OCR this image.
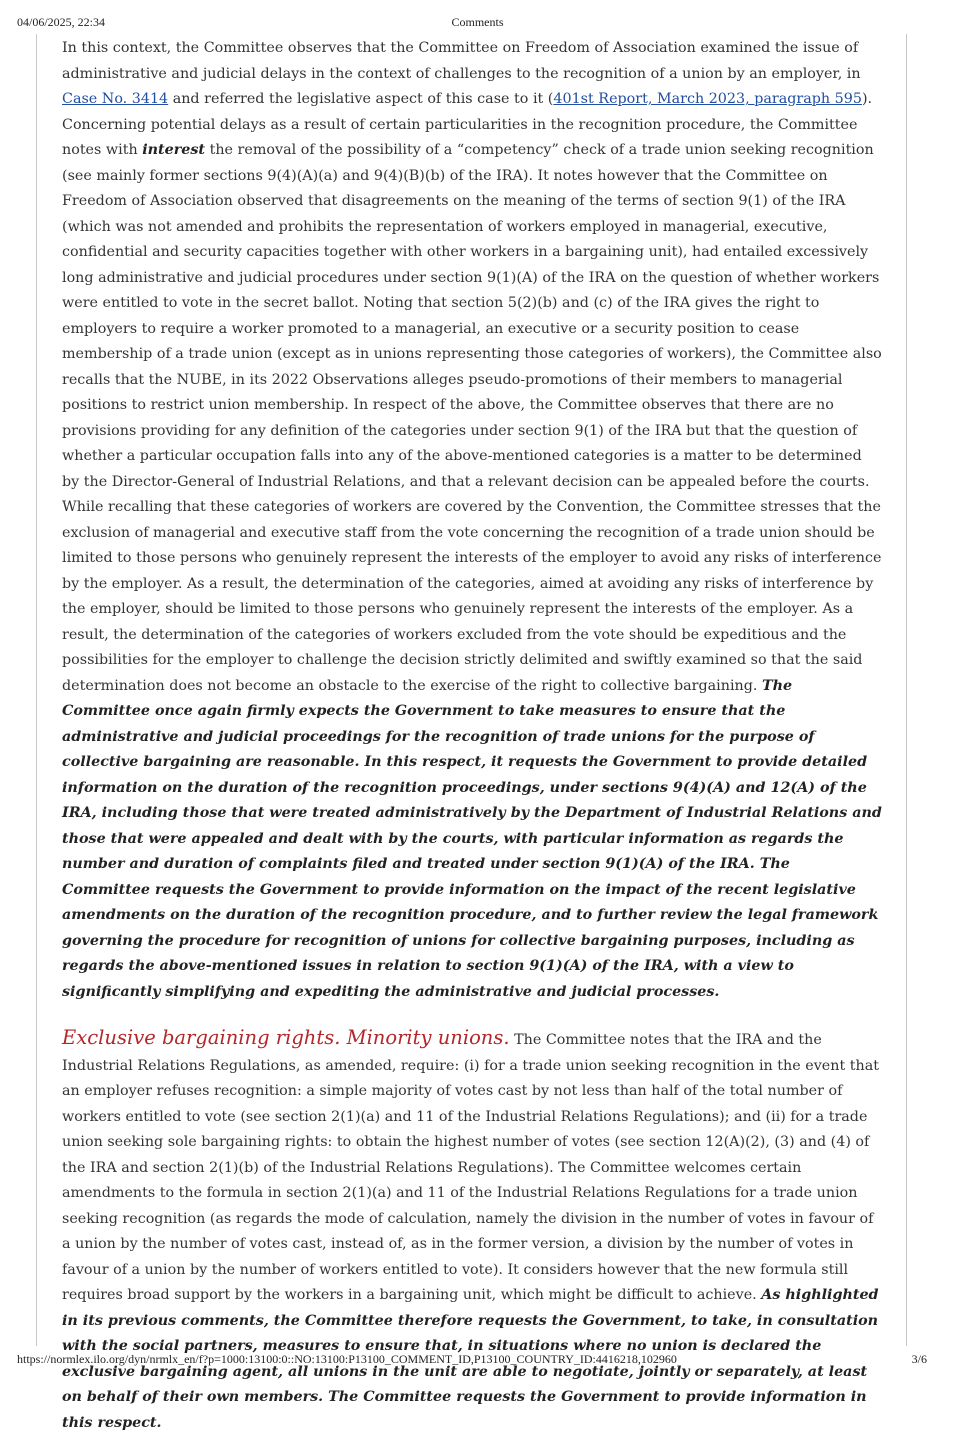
04/06/2025, 22:34	Comments

In this context, the Committee observes that the Committee on Freedom of Association examined the issue of administrative and judicial delays in the context of challenges to the recognition of a union by an employer, in Case No. 3414 and referred the legislative aspect of this case to it (401st Report, March 2023, paragraph 595). Concerning potential delays as a result of certain particularities in the recognition procedure, the Committee notes with interest the removal of the possibility of a “competency” check of a trade union seeking recognition (see mainly former sections 9(4)(A)(a) and 9(4)(B)(b) of the IRA). It notes however that the Committee on Freedom of Association observed that disagreements on the meaning of the terms of section 9(1) of the IRA (which was not amended and prohibits the representation of workers employed in managerial, executive, confidential and security capacities together with other workers in a bargaining unit), had entailed excessively long administrative and judicial procedures under section 9(1)(A) of the IRA on the question of whether workers were entitled to vote in the secret ballot. Noting that section 5(2)(b) and (c) of the IRA gives the right to employers to require a worker promoted to a managerial, an executive or a security position to cease membership of a trade union (except as in unions representing those categories of workers), the Committee also recalls that the NUBE, in its 2022 Observations alleges pseudo-promotions of their members to managerial positions to restrict union membership. In respect of the above, the Committee observes that there are no provisions providing for any definition of the categories under section 9(1) of the IRA but that the question of whether a particular occupation falls into any of the above-mentioned categories is a matter to be determined by the Director-General of Industrial Relations, and that a relevant decision can be appealed before the courts. While recalling that these categories of workers are covered by the Convention, the Committee stresses that the exclusion of managerial and executive staff from the vote concerning the recognition of a trade union should be limited to those persons who genuinely represent the interests of the employer to avoid any risks of interference by the employer. As a result, the determination of the categories, aimed at avoiding any risks of interference by the employer, should be limited to those persons who genuinely represent the interests of the employer. As a result, the determination of the categories of workers excluded from the vote should be expeditious and the possibilities for the employer to challenge the decision strictly delimited and swiftly examined so that the said determination does not become an obstacle to the exercise of the right to collective bargaining. The Committee once again firmly expects the Government to take measures to ensure that the administrative and judicial proceedings for the recognition of trade unions for the purpose of collective bargaining are reasonable. In this respect, it requests the Government to provide detailed information on the duration of the recognition proceedings, under sections 9(4)(A) and 12(A) of the IRA, including those that were treated administratively by the Department of Industrial Relations and those that were appealed and dealt with by the courts, with particular information as regards the number and duration of complaints filed and treated under section 9(1)(A) of the IRA. The Committee requests the Government to provide information on the impact of the recent legislative amendments on the duration of the recognition procedure, and to further review the legal framework governing the procedure for recognition of unions for collective bargaining purposes, including as regards the above-mentioned issues in relation to section 9(1)(A) of the IRA, with a view to significantly simplifying and expediting the administrative and judicial processes.

Exclusive bargaining rights. Minority unions. The Committee notes that the IRA and the Industrial Relations Regulations, as amended, require: (i) for a trade union seeking recognition in the event that an employer refuses recognition: a simple majority of votes cast by not less than half of the total number of workers entitled to vote (see section 2(1)(a) and 11 of the Industrial Relations Regulations); and (ii) for a trade union seeking sole bargaining rights: to obtain the highest number of votes (see section 12(A)(2), (3) and (4) of the IRA and section 2(1)(b) of the Industrial Relations Regulations). The Committee welcomes certain amendments to the formula in section 2(1)(a) and 11 of the Industrial Relations Regulations for a trade union seeking recognition (as regards the mode of calculation, namely the division in the number of votes in favour of a union by the number of votes cast, instead of, as in the former version, a division by the number of votes in favour of a union by the number of workers entitled to vote). It considers however that the new formula still requires broad support by the workers in a bargaining unit, which might be difficult to achieve. As highlighted in its previous comments, the Committee therefore requests the Government, to take, in consultation with the social partners, measures to ensure that, in situations where no union is declared the exclusive bargaining agent, all unions in the unit are able to negotiate, jointly or separately, at least on behalf of their own members. The Committee requests the Government to provide information in this respect.

https://normlex.ilo.org/dyn/nrmlx_en/f?p=1000:13100:0::NO:13100:P13100_COMMENT_ID,P13100_COUNTRY_ID:4416218,102960	3/6
